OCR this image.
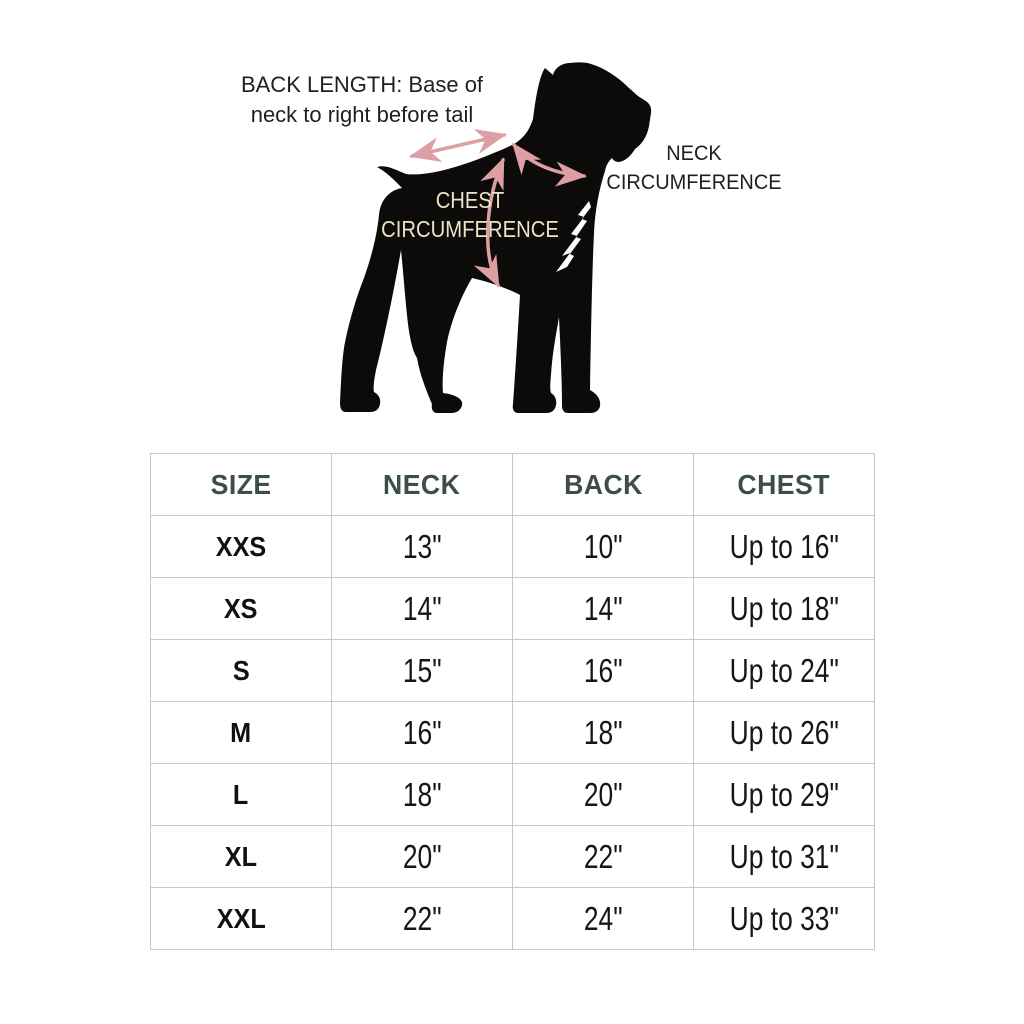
BACK LENGTH: Base of
neck to right before tail
NECK
CIRCUMFERENCE
CHEST
CIRCUMFERENCE
SIZE	NECK	BACK	CHEST
XXS	13"	10"	Up to 16"
XS	14"	14"	Up to 18"
S	15"	16"	Up to 24"
M	16"	18"	Up to 26"
L	18"	20"	Up to 29"
XL	20"	22"	Up to 31"
XXL	22"	24"	Up to 33"
